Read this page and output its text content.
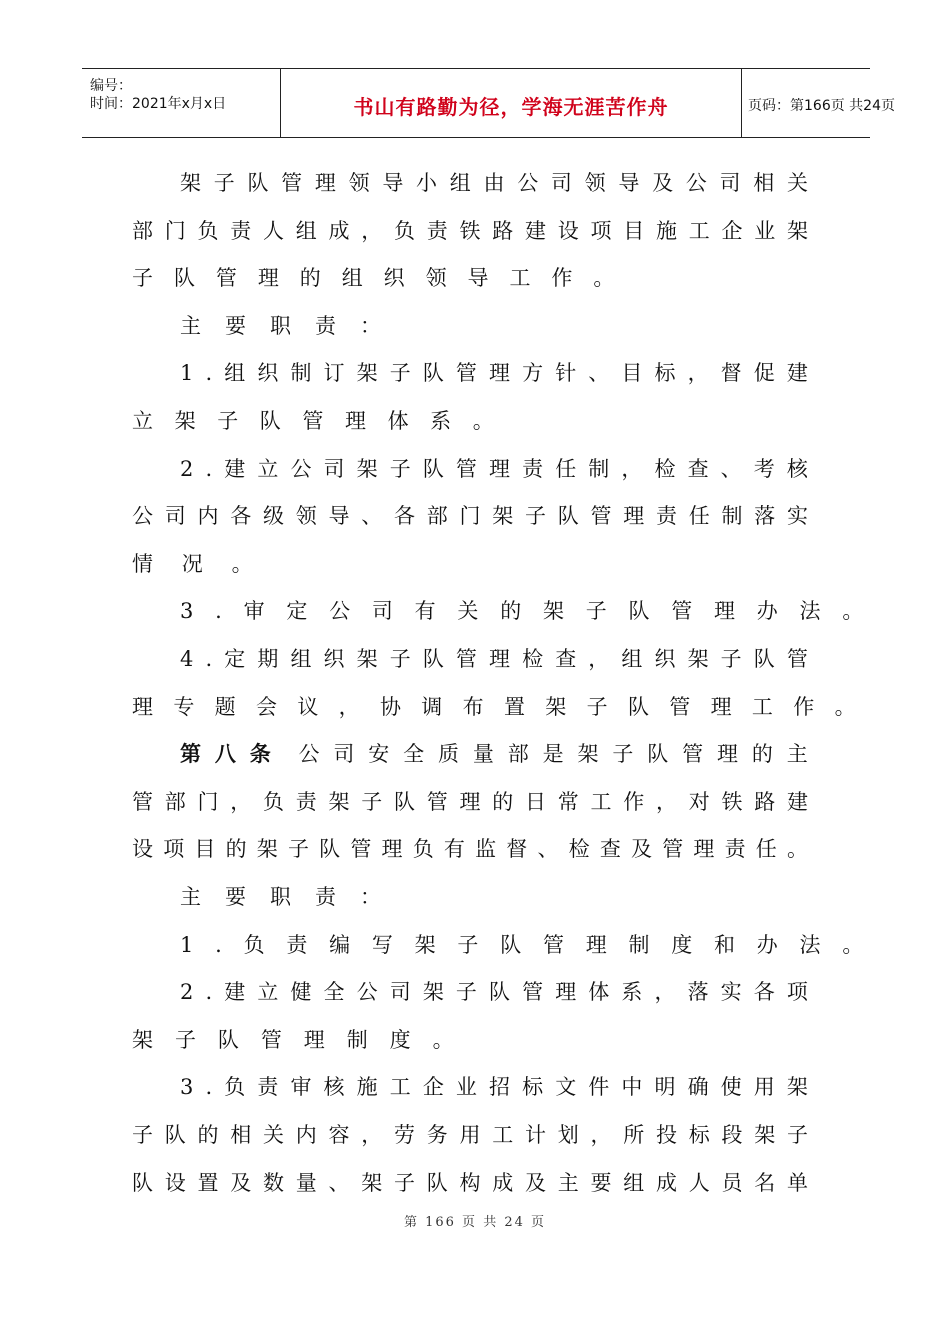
编号：
时间：2021年x月x日	书山有路勤为径，学海无涯苦作舟	页码：第166页 共24页
架 子 队 管 理 领 导 小 组 由 公 司 领 导 及 公 司 相 关
部 门 负 责 人 组 成 ， 负 责 铁 路 建 设 项 目 施 工 企 业 架
子 队 管 理 的 组 织 领 导 工 作 。
主 要 职 责 ：
1 . 组 织 制 订 架 子 队 管 理 方 针 、 目 标 ， 督 促 建
立 架 子 队 管 理 体 系 。
2 . 建 立 公 司 架 子 队 管 理 责 任 制 ， 检 查 、 考 核
公 司 内 各 级 领 导 、 各 部 门 架 子 队 管 理 责 任 制 落 实
情 况 。
3 . 审 定 公 司 有 关 的 架 子 队 管 理 办 法 。
4 . 定 期 组 织 架 子 队 管 理 检 查 ， 组 织 架 子 队 管
理 专 题 会 议 ， 协 调 布 置 架 子 队 管 理 工 作 。
第 八 条 公 司 安 全 质 量 部 是 架 子 队 管 理 的 主
管 部 门 ， 负 责 架 子 队 管 理 的 日 常 工 作 ， 对 铁 路 建
设 项 目 的 架 子 队 管 理 负 有 监 督 、 检 查 及 管 理 责 任 。
主 要 职 责 ：
1 . 负 责 编 写 架 子 队 管 理 制 度 和 办 法 。
2 . 建 立 健 全 公 司 架 子 队 管 理 体 系 ， 落 实 各 项
架 子 队 管 理 制 度 。
3 . 负 责 审 核 施 工 企 业 招 标 文 件 中 明 确 使 用 架
子 队 的 相 关 内 容 ， 劳 务 用 工 计 划 ， 所 投 标 段 架 子
队 设 置 及 数 量 、 架 子 队 构 成 及 主 要 组 成 人 员 名 单
第 166 页 共 24 页
